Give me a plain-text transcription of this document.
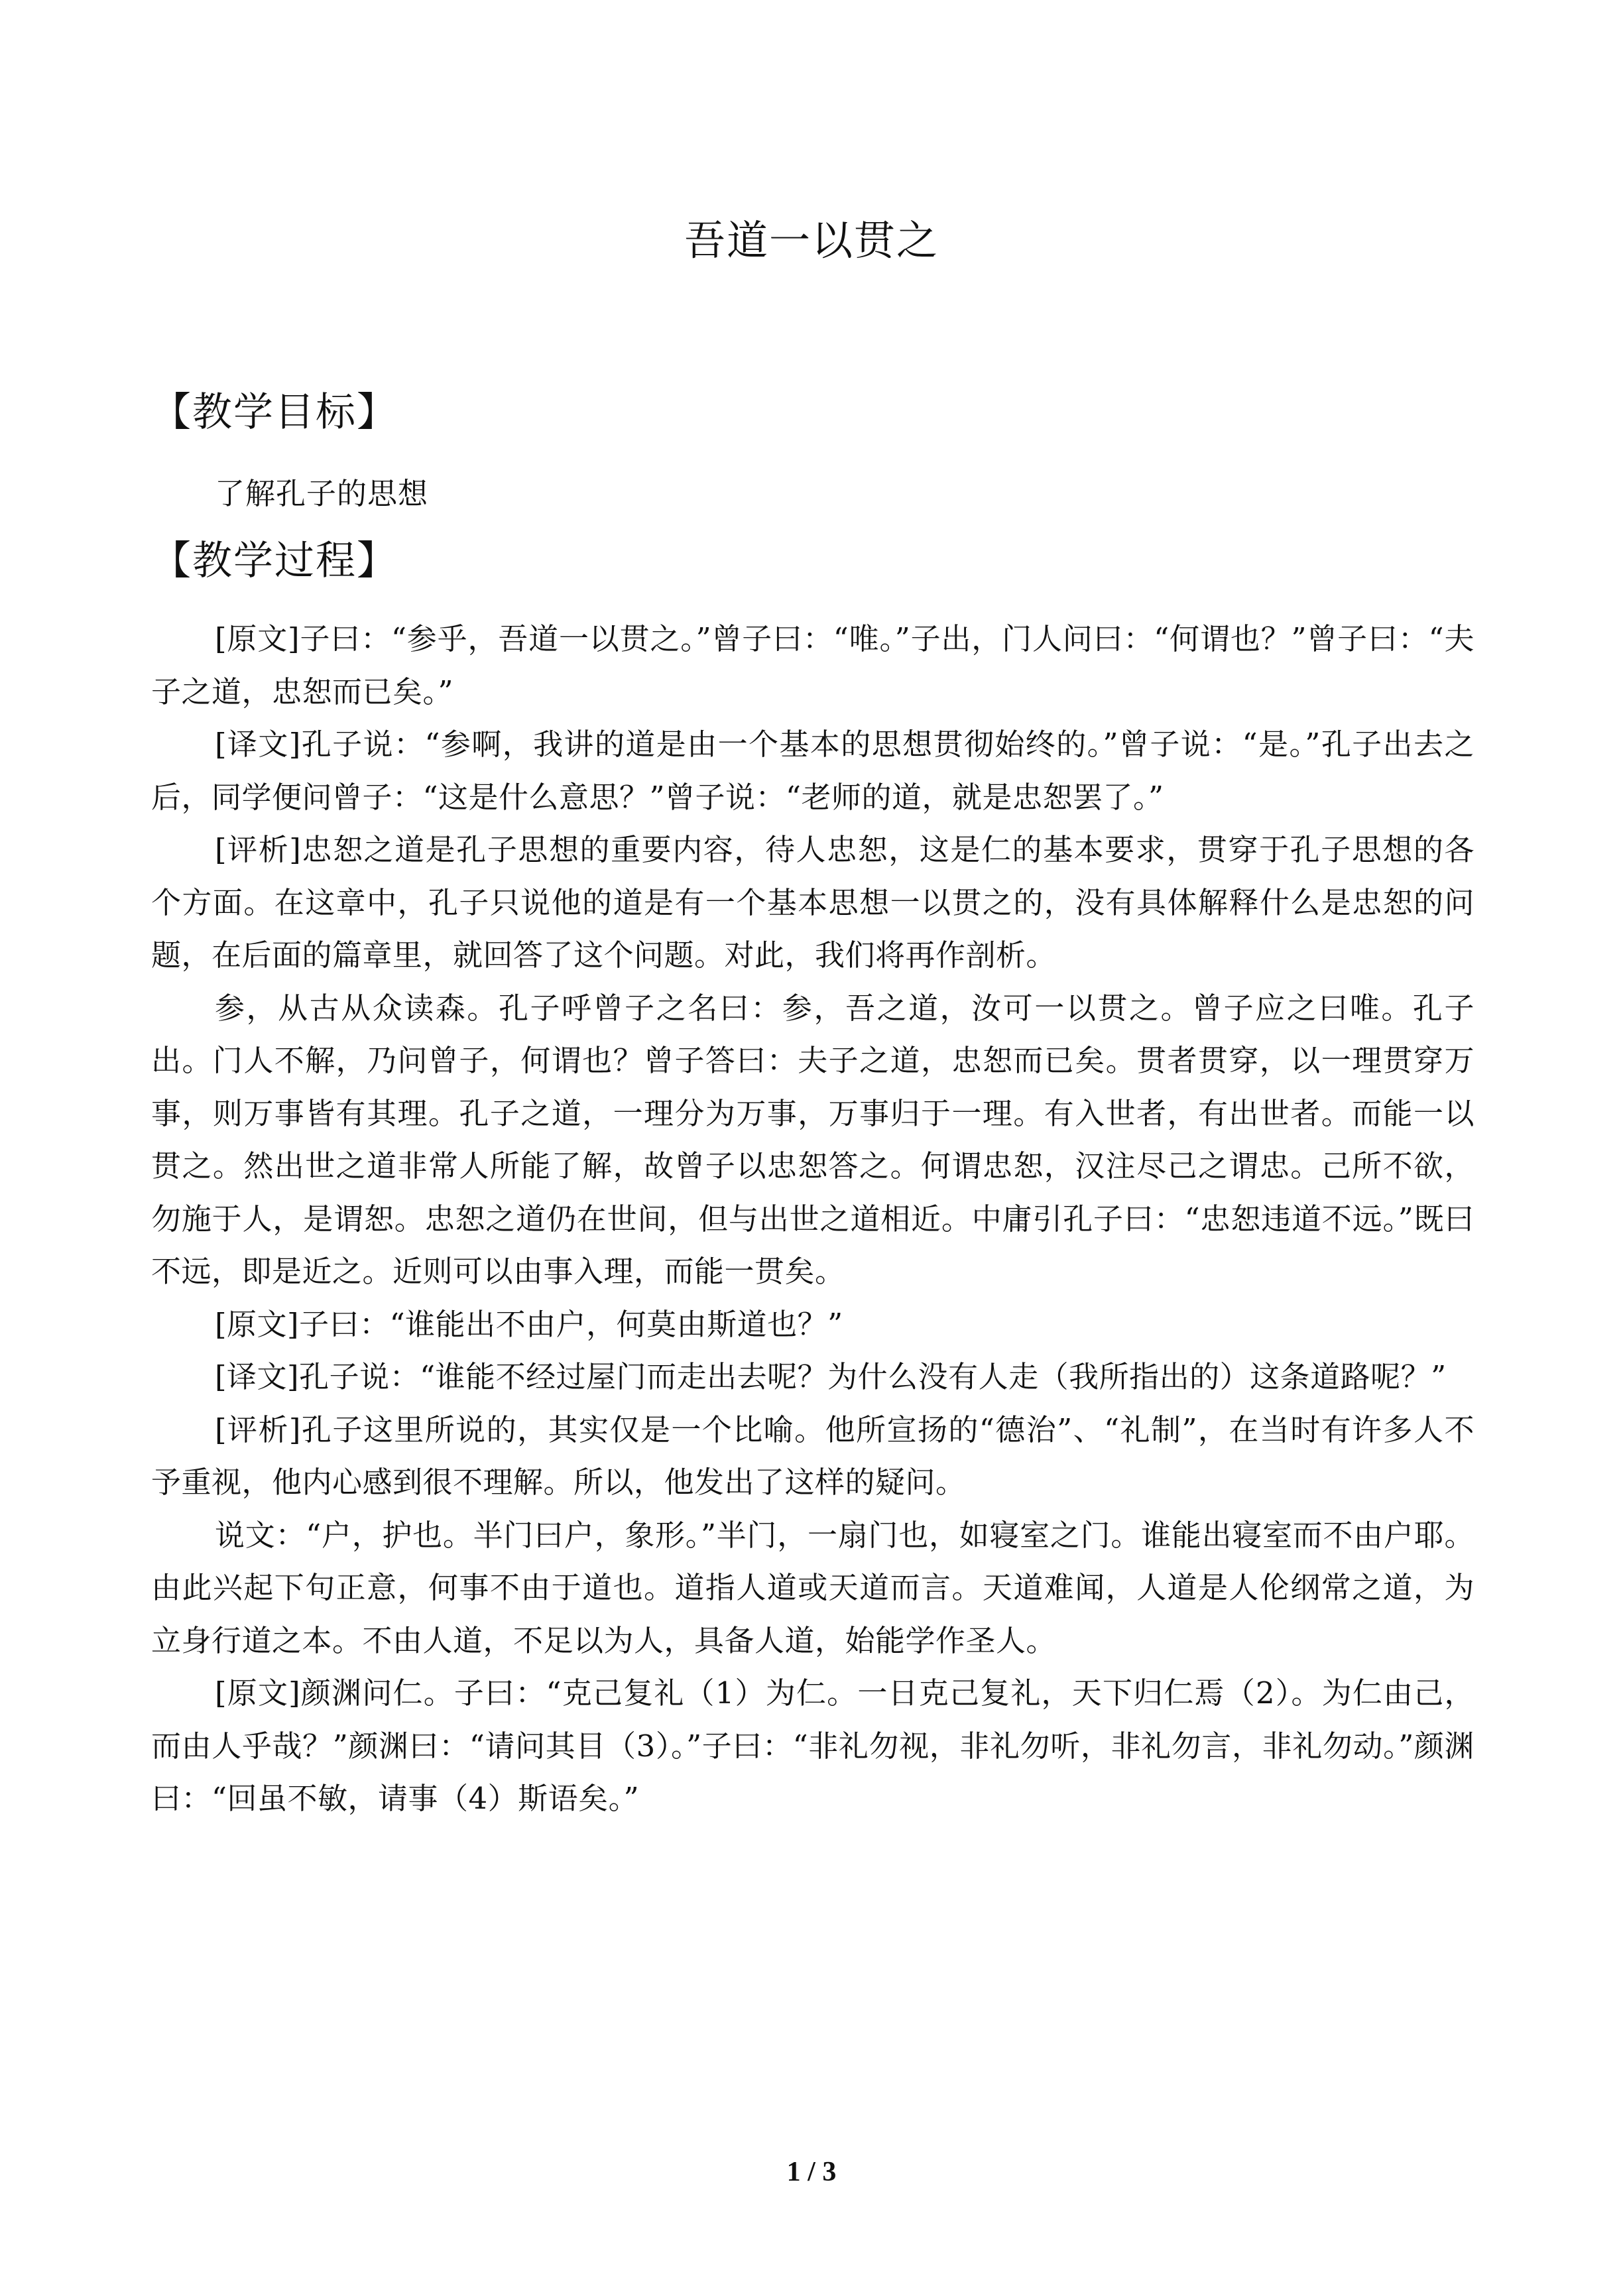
吾道一以贯之
【教学目标】
了解孔子的思想
【教学过程】

[原文]子曰：“参乎，吾道一以贯之。”曾子曰：“唯。”子出，门人问曰：“何谓也？”曾子曰：“夫子之道，忠恕而已矣。”

[译文]孔子说：“参啊，我讲的道是由一个基本的思想贯彻始终的。”曾子说：“是。”孔子出去之后，同学便问曾子：“这是什么意思？”曾子说：“老师的道，就是忠恕罢了。”

[评析]忠恕之道是孔子思想的重要内容，待人忠恕，这是仁的基本要求，贯穿于孔子思想的各个方面。在这章中，孔子只说他的道是有一个基本思想一以贯之的，没有具体解释什么是忠恕的问题，在后面的篇章里，就回答了这个问题。对此，我们将再作剖析。

参，从古从众读森。孔子呼曾子之名曰：参，吾之道，汝可一以贯之。曾子应之曰唯。孔子出。门人不解，乃问曾子，何谓也？曾子答曰：夫子之道，忠恕而已矣。贯者贯穿，以一理贯穿万事，则万事皆有其理。孔子之道，一理分为万事，万事归于一理。有入世者，有出世者。而能一以贯之。然出世之道非常人所能了解，故曾子以忠恕答之。何谓忠恕，汉注尽己之谓忠。己所不欲，勿施于人，是谓恕。忠恕之道仍在世间，但与出世之道相近。中庸引孔子曰：“忠恕违道不远。”既曰不远，即是近之。近则可以由事入理，而能一贯矣。

[原文]子曰：“谁能出不由户，何莫由斯道也？”

[译文]孔子说：“谁能不经过屋门而走出去呢？为什么没有人走（我所指出的）这条道路呢？”

[评析]孔子这里所说的，其实仅是一个比喻。他所宣扬的“德治”、“礼制”，在当时有许多人不予重视，他内心感到很不理解。所以，他发出了这样的疑问。

说文：“户，护也。半门曰户，象形。”半门，一扇门也，如寝室之门。谁能出寝室而不由户耶。由此兴起下句正意，何事不由于道也。道指人道或天道而言。天道难闻，人道是人伦纲常之道，为立身行道之本。不由人道，不足以为人，具备人道，始能学作圣人。

[原文]颜渊问仁。子曰：“克己复礼（1）为仁。一日克己复礼，天下归仁焉（2）。为仁由己，而由人乎哉？”颜渊曰：“请问其目（3）。”子曰：“非礼勿视，非礼勿听，非礼勿言，非礼勿动。”颜渊曰：“回虽不敏，请事（4）斯语矣。”

1 / 3
